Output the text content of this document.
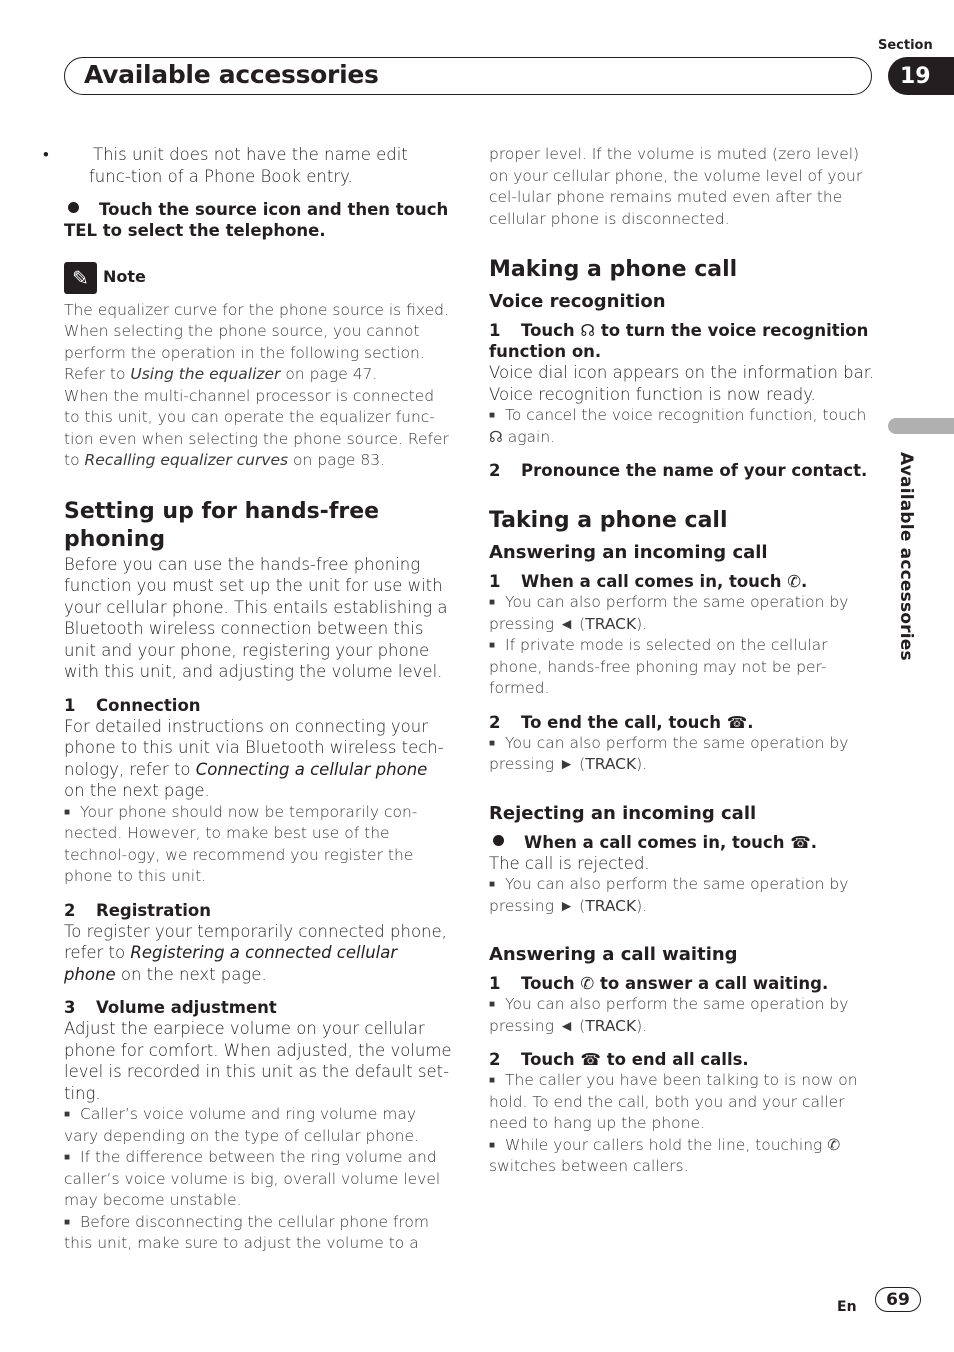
Section
Available accessories	19
Available accessories

• This unit does not have the name edit func-tion of a Phone Book entry.

Touch the source icon and then touch TEL to select the telephone.

✎ Note

The equalizer curve for the phone source is fixed. When selecting the phone source, you cannot perform the operation in the following section. Refer to Using the equalizer on page 47.
When the multi-channel processor is connected to this unit, you can operate the equalizer func-tion even when selecting the phone source. Refer to Recalling equalizer curves on page 83.

Setting up for hands-free phoning

Before you can use the hands-free phoning function you must set up the unit for use with your cellular phone. This entails establishing a Bluetooth wireless connection between this unit and your phone, registering your phone with this unit, and adjusting the volume level.

1 Connection

For detailed instructions on connecting your phone to this unit via Bluetooth wireless tech-nology, refer to Connecting a cellular phone on the next page.

■ Your phone should now be temporarily con-nected. However, to make best use of the technol-ogy, we recommend you register the phone to this unit.

2 Registration

To register your temporarily connected phone, refer to Registering a connected cellular phone on the next page.

3 Volume adjustment

Adjust the earpiece volume on your cellular phone for comfort. When adjusted, the volume level is recorded in this unit as the default set-ting.

■ Caller’s voice volume and ring volume may vary depending on the type of cellular phone.

■ If the difference between the ring volume and caller’s voice volume is big, overall volume level may become unstable.

■ Before disconnecting the cellular phone from this unit, make sure to adjust the volume to a

proper level. If the volume is muted (zero level) on your cellular phone, the volume level of your cel-lular phone remains muted even after the cellular phone is disconnected.

Making a phone call

Voice recognition

1 Touch ☊ to turn the voice recognition function on.

Voice dial icon appears on the information bar. Voice recognition function is now ready.

■ To cancel the voice recognition function, touch ☊ again.

2 Pronounce the name of your contact.

Taking a phone call

Answering an incoming call

1 When a call comes in, touch ✆.

■ You can also perform the same operation by pressing ◄ (TRACK).

■ If private mode is selected on the cellular phone, hands-free phoning may not be per-formed.

2 To end the call, touch ☎.

■ You can also perform the same operation by pressing ► (TRACK).

Rejecting an incoming call

When a call comes in, touch ☎.

The call is rejected.

■ You can also perform the same operation by pressing ► (TRACK).

Answering a call waiting

1 Touch ✆ to answer a call waiting.

■ You can also perform the same operation by pressing ◄ (TRACK).

2 Touch ☎ to end all calls.

■ The caller you have been talking to is now on hold. To end the call, both you and your caller need to hang up the phone.

■ While your callers hold the line, touching ✆
switches between callers.

En	69
